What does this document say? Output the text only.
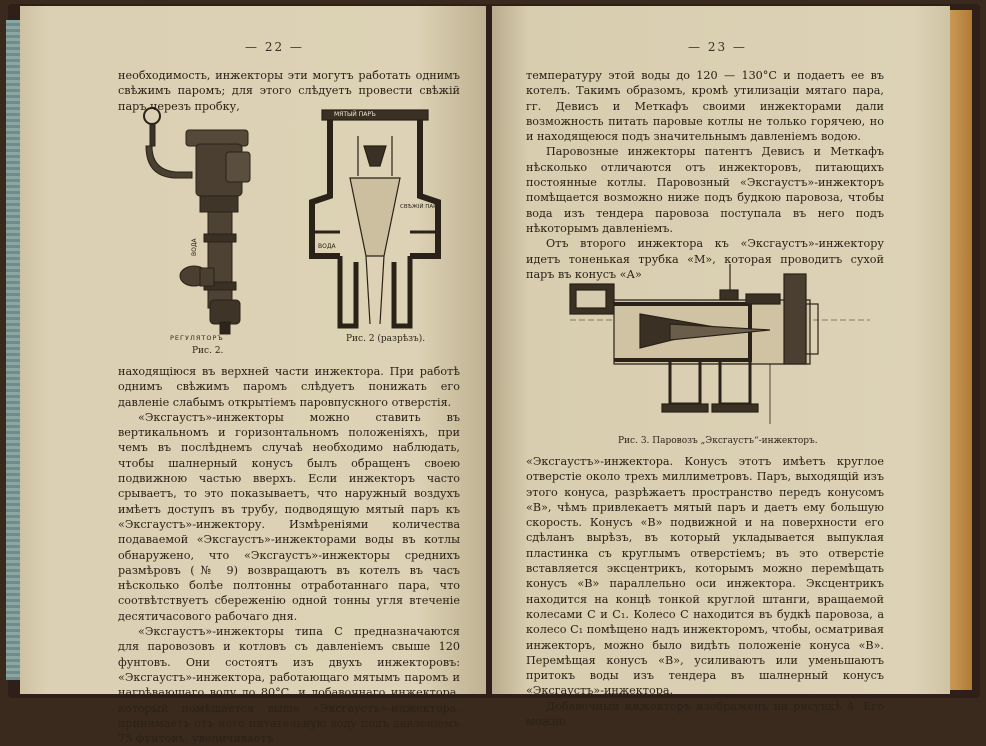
— 22 —

необходимость, инжекторы эти могутъ работать однимъ свѣжимъ паромъ; для этого слѣдуетъ провести свѣжiй паръ черезъ пробку,

ВОДА
РЕГУЛЯТОРЪ
Рис. 2.
МЯТЫЙ ПАРЪ
СВѢЖIЙ ПАРЪ
ВОДА
Рис. 2 (разрѣзъ).

находящiюся въ верхней части инжектора. При работѣ однимъ свѣжимъ паромъ слѣдуетъ понижать его давленiе слабымъ открытiемъ паровпускного отверстiя.

«Эксгаустъ»-инжекторы можно ставить въ вертикальномъ и горизонтальномъ положенiяхъ, при чемъ въ послѣднемъ случаѣ необходимо наблюдать, чтобы шалнерный конусъ былъ обращенъ своею подвижною частью вверхъ. Если инжекторъ часто срываетъ, то это показываетъ, что наружный воздухъ имѣетъ доступъ въ трубу, подводящую мятый паръ къ «Эксгаустъ»-инжектору. Измѣренiями количества подаваемой «Эксгаустъ»-инжекторами воды въ котлы обнаружено, что «Эксгаустъ»-инжекторы среднихъ размѣровъ (№ 9) возвращаютъ въ котелъ въ часъ нѣсколько болѣе полтонны отработаннаго пара, что соотвѣтствуетъ сбереженiю одной тонны угля втеченiе десятичасового рабочаго дня.

«Эксгаустъ»-инжекторы типа С предназначаются для паровозовъ и котловъ съ давленiемъ свыше 120 фунтовъ. Они состоятъ изъ двухъ инжекторовъ: «Эксгаустъ»-инжектора, работающаго мятымъ паромъ и нагрѣвающаго воду до 80°С, и добавочнаго инжектора, который помѣщается выше «Эксгаустъ»-инжектора, принимаетъ отъ него питательную воду подъ давленiемъ 75 фунтовъ, увеличиваетъ

— 23 —

температуру этой воды до 120 — 130°С и подаетъ ее въ котелъ. Такимъ образомъ, кромѣ утилизацiи мятаго пара, гг. Девисъ и Меткафъ своими инжекторами дали возможность питать паровые котлы не только горячею, но и находящеюся подъ значительнымъ давленiемъ водою.

Паровозные инжекторы патентъ Девисъ и Меткафъ нѣсколько отличаются отъ инжекторовъ, питающихъ постоянные котлы. Паровозный «Эксгаустъ»-инжекторъ помѣщается возможно ниже подъ будкою паровоза, чтобы вода изъ тендера паровоза поступала въ него подъ нѣкоторымъ давленiемъ.

Отъ второго инжектора къ «Эксгаустъ»-инжектору идетъ тоненькая трубка «М», которая проводитъ сухой паръ въ конусъ «А»

Рис. 3. Паровозъ „Эксгаустъ“-инжекторъ.

«Эксгаустъ»-инжектора. Конусъ этотъ имѣетъ круглое отверстiе около трехъ миллиметровъ. Паръ, выходящiй изъ этого конуса, разрѣжаетъ пространство передъ конусомъ «В», чѣмъ привлекаетъ мятый паръ и даетъ ему большую скорость. Конусъ «В» подвижной и на поверхности его сдѣланъ вырѣзъ, въ который укладывается выпуклая пластинка съ круглымъ отверстiемъ; въ это отверстiе вставляется эксцентрикъ, которымъ можно перемѣщать конусъ «В» параллельно оси инжектора. Эксцентрикъ находится на концѣ тонкой круглой штанги, вращаемой колесами С и С₁. Колесо С находится въ будкѣ паровоза, а колесо С₁ помѣщено надъ инжекторомъ, чтобы, осматривая инжекторъ, можно было видѣть положенiе конуса «В». Перемѣщая конусъ «В», усиливаютъ или уменьшаютъ притокъ воды изъ тендера въ шалнерный конусъ «Эксгаустъ»-инжектора.

Добавочный инжекторъ изображенъ на рисункѣ 4. Его можно
